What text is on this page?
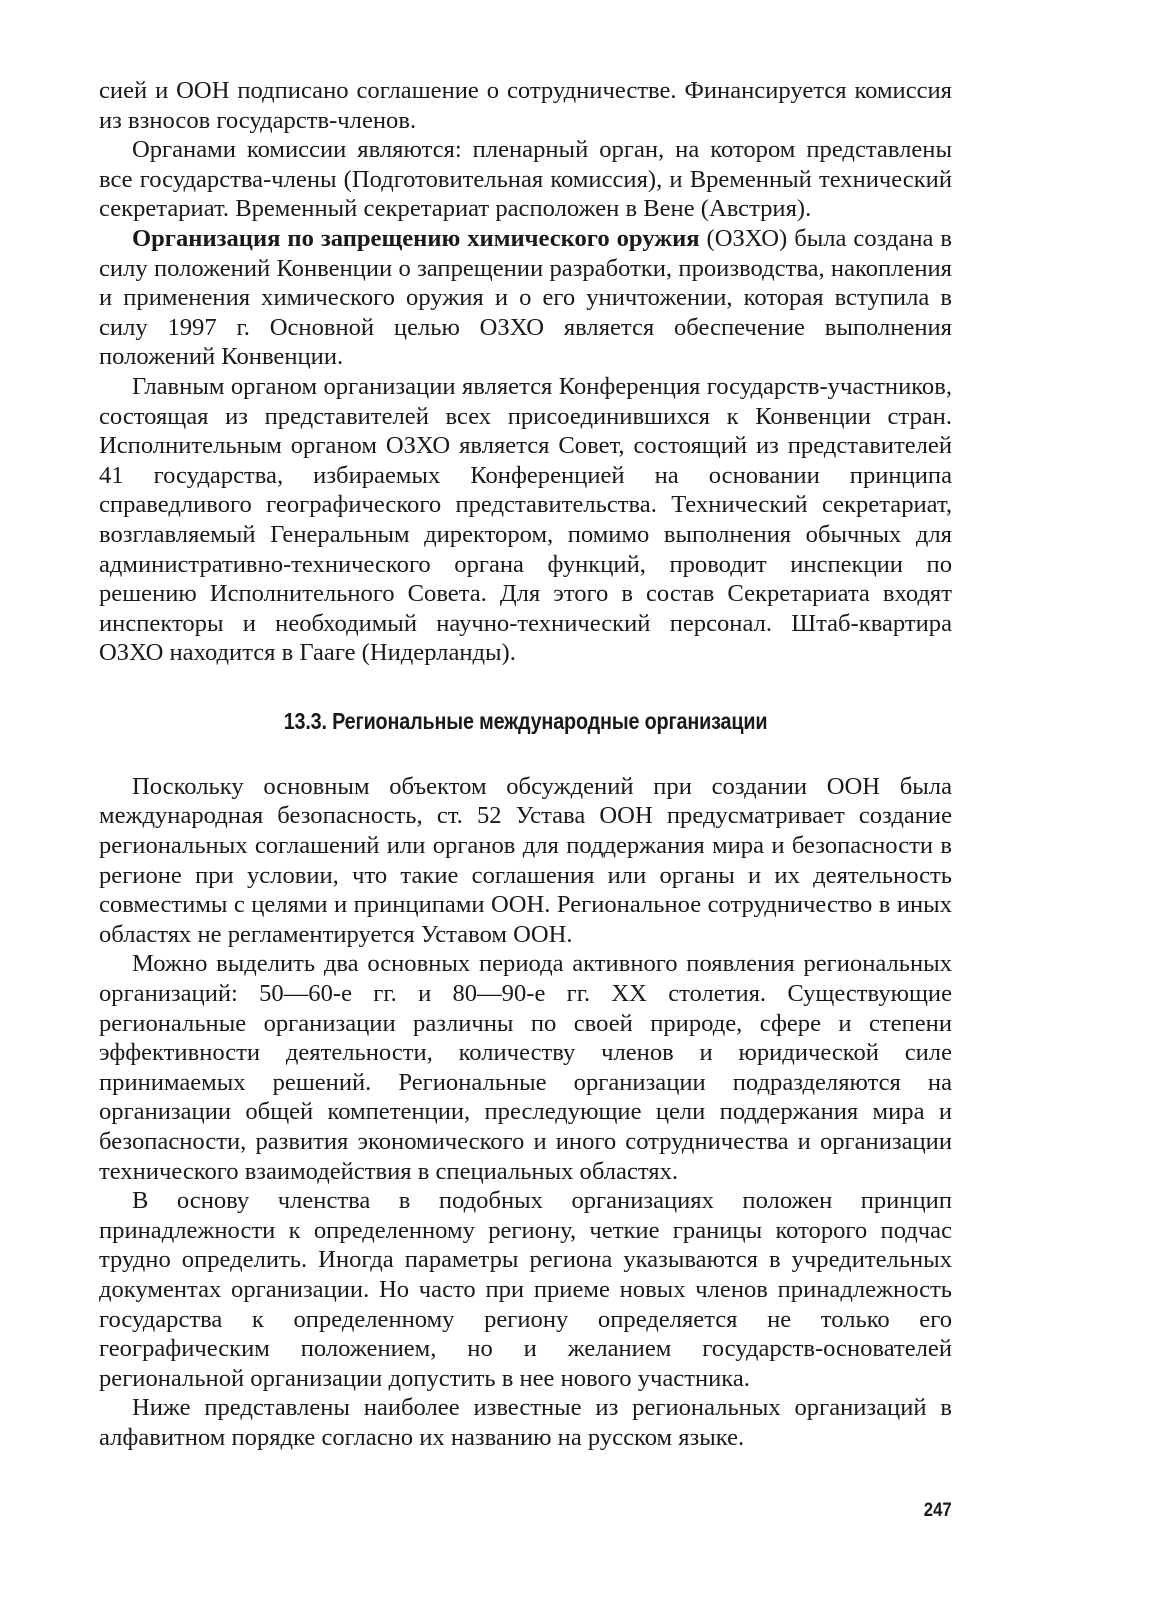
сией и ООН подписано соглашение о сотрудничестве. Финансируется комиссия из взносов государств-членов.

Органами комиссии являются: пленарный орган, на котором представлены все государства-члены (Подготовительная комиссия), и Временный технический секретариат. Временный секретариат расположен в Вене (Австрия).

Организация по запрещению химического оружия (ОЗХО) была создана в силу положений Конвенции о запрещении разработки, производства, накопления и применения химического оружия и о его уничтожении, которая вступила в силу 1997 г. Основной целью ОЗХО является обеспечение выполнения положений Конвенции.

Главным органом организации является Конференция государств-участников, состоящая из представителей всех присоединившихся к Конвенции стран. Исполнительным органом ОЗХО является Совет, состоящий из представителей 41 государства, избираемых Конференцией на основании принципа справедливого географического представительства. Технический секретариат, возглавляемый Генеральным директором, помимо выполнения обычных для административно-технического органа функций, проводит инспекции по решению Исполнительного Совета. Для этого в состав Секретариата входят инспекторы и необходимый научно-технический персонал. Штаб-квартира ОЗХО находится в Гааге (Нидерланды).

13.3. Региональные международные организации

Поскольку основным объектом обсуждений при создании ООН была международная безопасность, ст. 52 Устава ООН предусматривает создание региональных соглашений или органов для поддержания мира и безопасности в регионе при условии, что такие соглашения или органы и их деятельность совместимы с целями и принципами ООН. Региональное сотрудничество в иных областях не регламентируется Уставом ООН.

Можно выделить два основных периода активного появления региональных организаций: 50—60-е гг. и 80—90-е гг. XX столетия. Существующие региональные организации различны по своей природе, сфере и степени эффективности деятельности, количеству членов и юридической силе принимаемых решений. Региональные организации подразделяются на организации общей компетенции, преследующие цели поддержания мира и безопасности, развития экономического и иного сотрудничества и организации технического взаимодействия в специальных областях.

В основу членства в подобных организациях положен принцип принадлежности к определенному региону, четкие границы которого подчас трудно определить. Иногда параметры региона указываются в учредительных документах организации. Но часто при приеме новых членов принадлежность государства к определенному региону определяется не только его географическим положением, но и желанием государств-основателей региональной организации допустить в нее нового участника.

Ниже представлены наиболее известные из региональных организаций в алфавитном порядке согласно их названию на русском языке.

247
